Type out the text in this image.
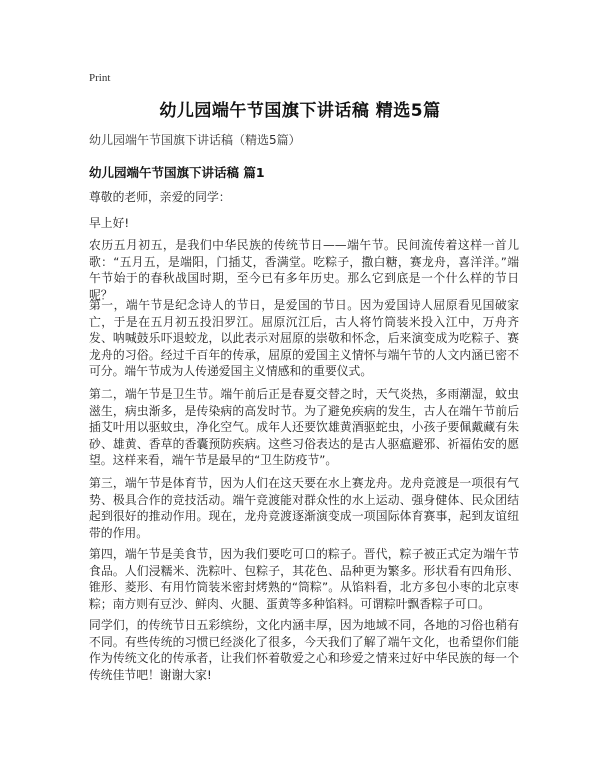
Print
幼儿园端午节国旗下讲话稿 精选5篇
幼儿园端午节国旗下讲话稿（精选5篇）
幼儿园端午节国旗下讲话稿 篇1
尊敬的老师，亲爱的同学：
早上好!
农历五月初五，是我们中华民族的传统节日——端午节。民间流传着这样一首儿歌：“五月五，是端阳，门插艾，香满堂。吃粽子，撒白糖，赛龙舟，喜洋洋。”端午节始于的春秋战国时期，至今已有多年历史。那么它到底是一个什么样的节日呢？
第一，端午节是纪念诗人的节日，是爱国的节日。因为爱国诗人屈原看见国破家亡，于是在五月初五投汨罗江。屈原沉江后，古人将竹筒装米投入江中，万舟齐发、呐喊鼓乐吓退蛟龙，以此表示对屈原的崇敬和怀念，后来演变成为吃粽子、赛龙舟的习俗。经过千百年的传承，屈原的爱国主义情怀与端午节的人文内涵已密不可分。端午节成为人传递爱国主义情感和的重要仪式。
第二，端午节是卫生节。端午前后正是春夏交替之时，天气炎热，多雨潮湿，蚊虫滋生，病虫渐多，是传染病的高发时节。为了避免疾病的发生，古人在端午节前后插艾叶用以驱蚊虫，净化空气。成年人还要饮雄黄酒驱蛇虫，小孩子要佩戴藏有朱砂、雄黄、香草的香囊预防疾病。这些习俗表达的是古人驱瘟避邪、祈福佑安的愿望。这样来看，端午节是最早的“卫生防疫节”。
第三，端午节是体育节，因为人们在这天要在水上赛龙舟。龙舟竞渡是一项很有气势、极具合作的竞技活动。端午竞渡能对群众性的水上运动、强身健体、民众团结起到很好的推动作用。现在，龙舟竞渡逐渐演变成一项国际体育赛事，起到友谊纽带的作用。
第四，端午节是美食节，因为我们要吃可口的粽子。晋代，粽子被正式定为端午节食品。人们浸糯米、洗粽叶、包粽子，其花色、品种更为繁多。形状看有四角形、锥形、菱形、有用竹筒装米密封烤熟的“筒粽”。从馅料看，北方多包小枣的北京枣粽；南方则有豆沙、鲜肉、火腿、蛋黄等多种馅料。可谓粽叶飘香粽子可口。
同学们，的传统节日五彩缤纷，文化内涵丰厚，因为地域不同，各地的习俗也稍有不同。有些传统的习惯已经淡化了很多，今天我们了解了端午文化，也希望你们能作为传统文化的传承者，让我们怀着敬爱之心和珍爱之情来过好中华民族的每一个传统佳节吧！谢谢大家!
